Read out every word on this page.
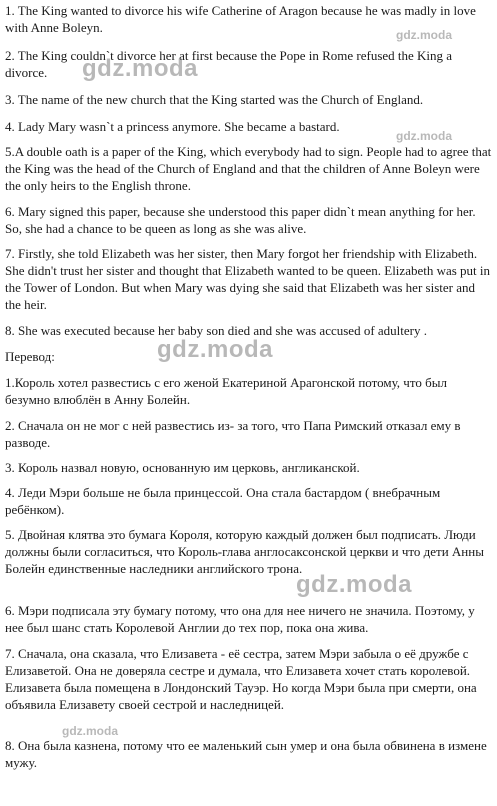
1. The King wanted to divorce his wife Catherine of Aragon because he was madly in love with Anne Boleyn.

2. The King couldn`t divorce her at first because the Pope in Rome refused the King a divorce.

3. The name of the new church that the King started was the Church of England.

4. Lady Mary wasn`t a princess anymore. She became a bastard.

5.A double oath is a paper of the King, which everybody had to sign. People had to agree that the King was the head of the Church of England and that the children of Anne Boleyn were the only heirs to the English throne.

6. Mary signed this paper, because she understood this paper didn`t mean anything for her. So, she had a chance to be queen as long as she was alive.

7. Firstly, she told Elizabeth was her sister, then Mary forgot her friendship with Elizabeth. She didn't trust her sister and thought that Elizabeth wanted to be queen. Elizabeth was put in the Tower of London. But when Mary was dying she said that Elizabeth was her sister and the heir.

8. She was executed because her baby son died and she was accused of adultery .

Перевод:

1.Король хотел развестись с его женой Екатериной Арагонской потому, что был безумно влюблён в Анну Болейн.

2. Сначала он не мог с ней развестись из- за того, что Папа Римский отказал ему в разводе.

3. Король назвал новую, основанную им церковь, англиканской.

4. Леди Мэри больше не была принцессой. Она стала бастардом ( внебрачным ребёнком).

5. Двойная клятва это бумага Короля, которую каждый должен был подписать. Люди должны были согласиться, что Король-глава англосаксонской церкви и что дети Анны Болейн единственные наследники английского трона.

6. Мэри подписала эту бумагу потому, что она для нее ничего не значила. Поэтому, у нее был шанс стать Королевой Англии до тех пор, пока она жива.

7. Сначала, она сказала, что Елизавета - её сестра, затем Мэри забыла о её дружбе с Елизаветой. Она не доверяла сестре и думала, что Елизавета хочет стать королевой. Елизавета была помещена в Лондонский Тауэр. Но когда Мэри была при смерти, она объявила Елизавету своей сестрой и наследницей.

8. Она была казнена, потому что ее маленький сын умер и она была обвинена в измене мужу.

gdz.moda
gdz.moda
gdz.moda
gdz.moda
gdz.moda
gdz.moda
